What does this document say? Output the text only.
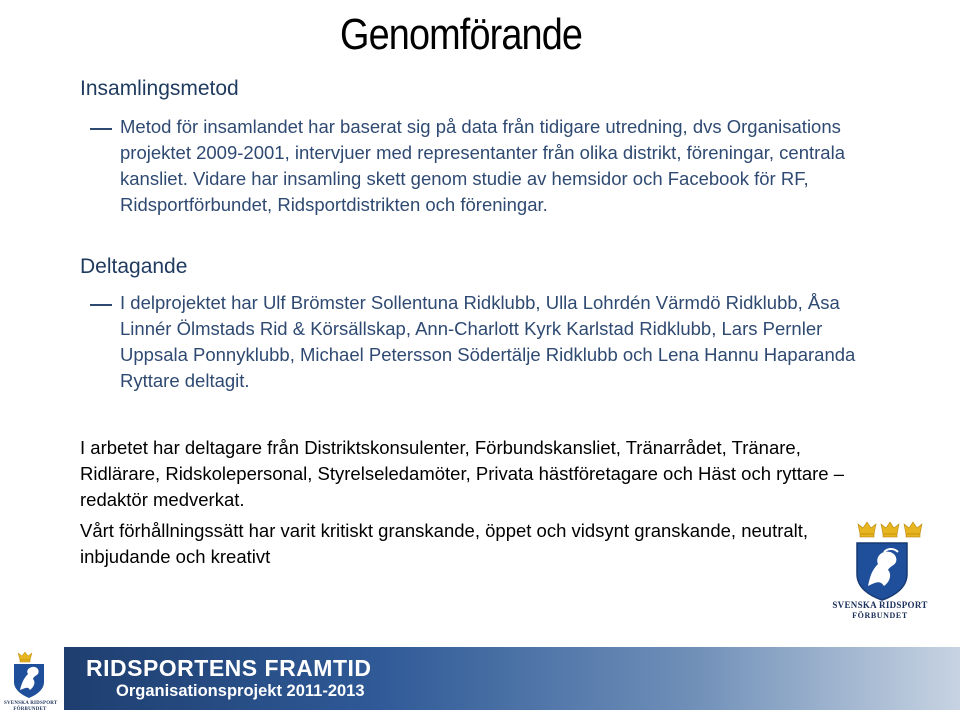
Genomförande
Insamlingsmetod
Metod för insamlandet har baserat sig på data från tidigare utredning, dvs Organisations projektet 2009-2001, intervjuer med representanter från olika distrikt, föreningar, centrala kansliet. Vidare har insamling skett genom studie av hemsidor och Facebook för RF, Ridsportförbundet, Ridsportdistrikten och föreningar.
Deltagande
I delprojektet har Ulf Brömster Sollentuna Ridklubb, Ulla Lohrdén Värmdö Ridklubb, Åsa Linnér Ölmstads Rid & Körsällskap, Ann-Charlott Kyrk Karlstad Ridklubb, Lars Pernler Uppsala Ponnyklubb, Michael Petersson Södertälje Ridklubb och Lena Hannu Haparanda Ryttare deltagit.
I arbetet har deltagare från Distriktskonsulenter, Förbundskansliet, Tränarrådet, Tränare, Ridlärare, Ridskolepersonal, Styrelseledamöter, Privata hästföretagare och Häst och ryttare – redaktör medverkat.
Vårt förhållningssätt har varit kritiskt granskande, öppet och vidsynt granskande, neutralt, inbjudande och kreativt
SVENSKA RIDSPORT
FÖRBUNDET
SVENSKA RIDSPORT
FÖRBUNDET
RIDSPORTENS FRAMTID
Organisationsprojekt 2011-2013
